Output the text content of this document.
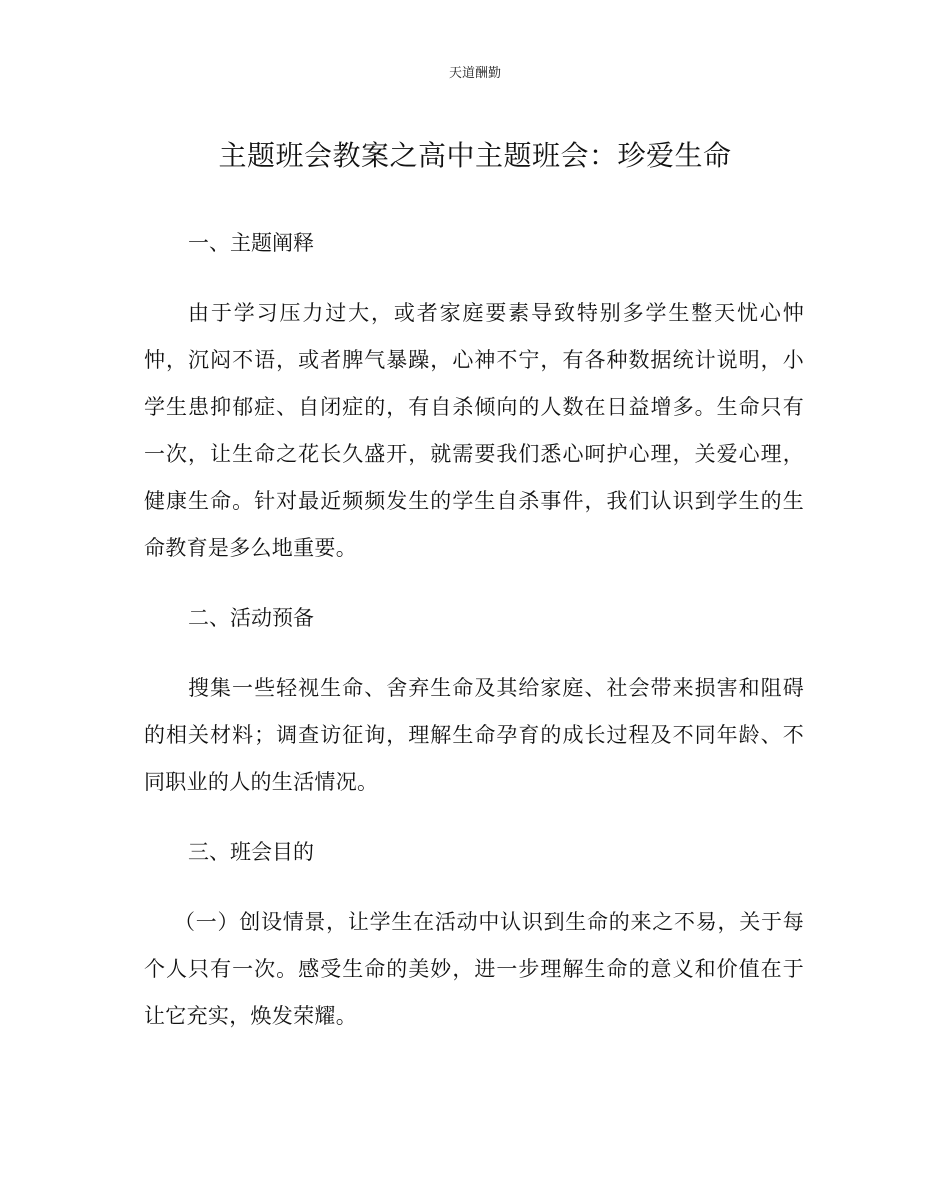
天道酬勤
主题班会教案之高中主题班会：珍爱生命
一、主题阐释
由于学习压力过大，或者家庭要素导致特别多学生整天忧心忡忡，沉闷不语，或者脾气暴躁，心神不宁，有各种数据统计说明，小学生患抑郁症、自闭症的，有自杀倾向的人数在日益增多。生命只有一次，让生命之花长久盛开，就需要我们悉心呵护心理，关爱心理，健康生命。针对最近频频发生的学生自杀事件，我们认识到学生的生命教育是多么地重要。
二、活动预备
搜集一些轻视生命、舍弃生命及其给家庭、社会带来损害和阻碍的相关材料；调查访征询，理解生命孕育的成长过程及不同年龄、不同职业的人的生活情况。
三、班会目的
（一）创设情景，让学生在活动中认识到生命的来之不易，关于每个人只有一次。感受生命的美妙，进一步理解生命的意义和价值在于让它充实，焕发荣耀。
